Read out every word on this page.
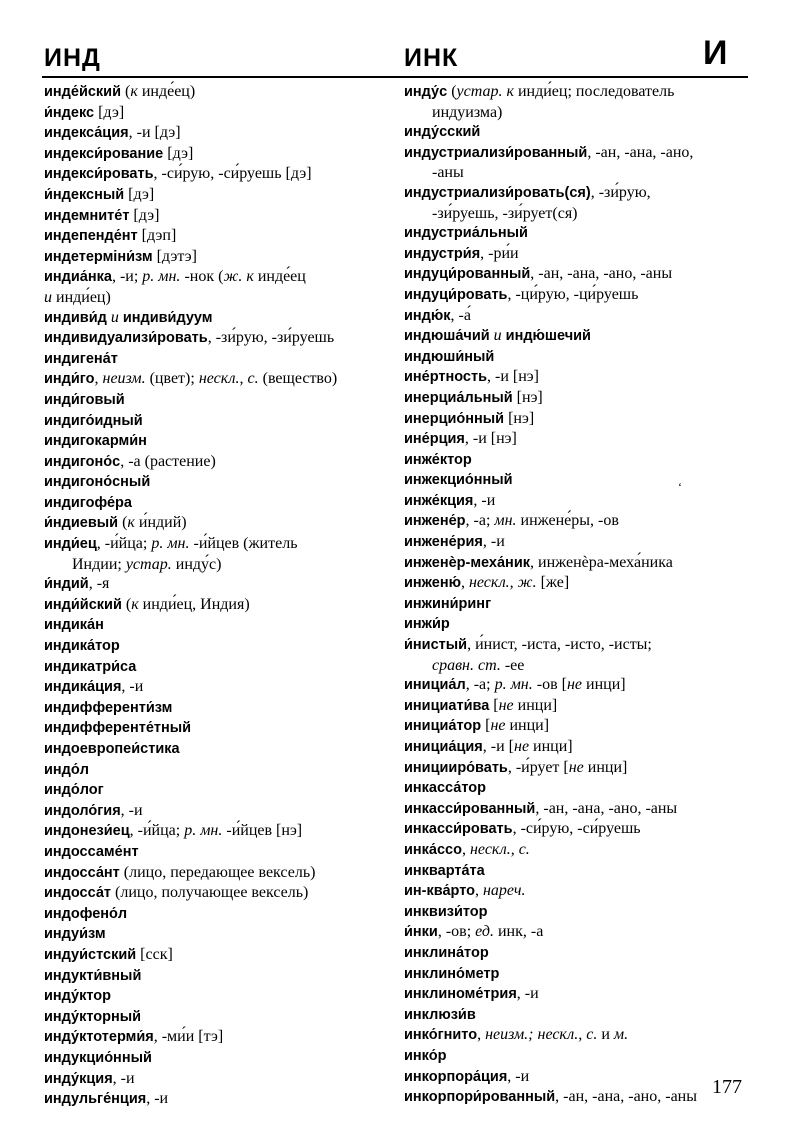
ИНД	ИНК	И
инде́йский (к инде́ец)
и́ндекс [дэ]
индекса́ция, -и [дэ]
индекси́рование [дэ]
индекси́ровать, -си́рую, -си́руешь [дэ]
и́ндексный [дэ]
индемните́т [дэ]
индепенде́нт [дэп]
индетерміни́зм [дэтэ]
индиа́нка, -и; р. мн. -нок (ж. к инде́ец
и инди́ец)
индиви́д и индиви́дуум
индивидуализи́ровать, -зи́рую, -зи́руешь
индигена́т
инди́го, неизм. (цвет); нескл., с. (вещество)
инди́говый
индиго́идный
индигокарми́н
индигоно́с, -а (растение)
индигоно́сный
индигофе́ра
и́ндиевый (к и́ндий)
инди́ец, -и́йца; р. мн. -и́йцев (житель
Индии; устар. инду́с)
и́ндий, -я
инди́йский (к инди́ец, Индия)
индика́н
индика́тор
индикатри́са
индика́ция, -и
индифференти́зм
индифференте́тный
индоевропеи́стика
индо́л
индо́лог
индоло́гия, -и
индонези́ец, -и́йца; р. мн. -и́йцев [нэ]
индоссаме́нт
индосса́нт (лицо, передающее вексель)
индосса́т (лицо, получающее вексель)
индофено́л
индуи́зм
индуи́стский [сск]
индукти́вный
инду́ктор
инду́кторный
инду́ктотерми́я, -ми́и [тэ]
индукцио́нный
инду́кция, -и
индульге́нция, -и
инду́с (устар. к инди́ец; последователь
индуизма)
инду́сский
индустриализи́рованный, -ан, -ана, -ано,
-аны
индустриализи́ровать(ся), -зи́рую,
-зи́руешь, -зи́рует(ся)
индустриа́льный
индустри́я, -ри́и
индуци́рованный, -ан, -ана, -ано, -аны
индуци́ровать, -ци́рую, -ци́руешь
индю́к, -а́
индюша́чий и индю́шечий
индюши́ный
ине́ртность, -и [нэ]
инерциа́льный [нэ]
инерцио́нный [нэ]
ине́рция, -и [нэ]
инже́ктор
инжекцио́нный
инже́кция, -и
инжене́р, -а; мн. инжене́ры, -ов
инжене́рия, -и
инженѐр-меха́ник, инженѐра-меха́ника
инженю́, нескл., ж. [же]
инжини́ринг
инжи́р
и́нистый, и́нист, -иста, -исто, -исты;
сравн. ст. -ее
инициа́л, -а; р. мн. -ов [не инци]
инициати́ва [не инци]
инициа́тор [не инци]
инициа́ция, -и [не инци]
иницииро́вать, -и́рует [не инци]
инкасса́тор
инкасси́рованный, -ан, -ана, -ано, -аны
инкасси́ровать, -си́рую, -си́руешь
инка́ссо, нескл., с.
инквартáта
ин-ква́рто, нареч.
инквизи́тор
и́нки, -ов; ед. инк, -а
инклина́тор
инклино́метр
инклиноме́трия, -и
инклюзи́в
инко́гнито, неизм.; нескл., с. и м.
инко́р
инкорпора́ция, -и
инкорпори́рованный, -ан, -ана, -ано, -аны
ʻ
177
